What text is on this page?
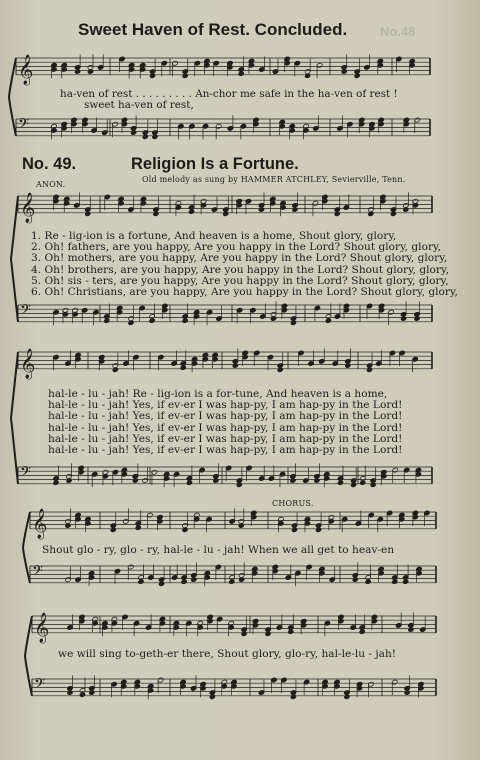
𝄞
𝄢
𝄞
𝄢
𝄞
𝄢
𝄞
𝄢
𝄞
𝄢
No.48
Sweet Haven of Rest. Concluded.
ha-ven of rest . . . . . . . . . An-chor me safe in the ha-ven of rest !
sweet ha-ven of rest,
No. 49.	Religion Is a Fortune.
ANON.
Old melody as sung by HAMMER ATCHLEY, Sevierville, Tenn.
1. Re - lig-ion is a fortune, And heaven is a home, Shout glory, glory,
2. Oh! fathers, are you happy, Are you happy in the Lord? Shout glory, glory,
3. Oh! mothers, are you happy, Are you happy in the Lord? Shout glory, glory,
4. Oh! brothers, are you happy, Are you happy in the Lord? Shout glory, glory,
5. Oh! sis - ters, are you happy, Are you happy in the Lord? Shout glory, glory,
6. Oh! Christians, are you happy, Are you happy in the Lord? Shout glory, glory,
hal-le - lu - jah! Re - lig-ion is a for-tune, And heaven is a home,
hal-le - lu - jah! Yes, if ev-er I was hap-py, I am hap-py in the Lord!
hal-le - lu - jah! Yes, if ev-er I was hap-py, I am hap-py in the Lord!
hal-le - lu - jah! Yes, if ev-er I was hap-py, I am hap-py in the Lord!
hal-le - lu - jah! Yes, if ev-er I was hap-py, I am hap-py in the Lord!
hal-le - lu - jah! Yes, if ev-er I was hap-py, I am hap-py in the Lord!
CHORUS.
Shout glo - ry, glo - ry, hal-le - lu - jah! When we all get to heav-en
we will sing to-geth-er there, Shout glory, glo-ry, hal-le-lu - jah!
